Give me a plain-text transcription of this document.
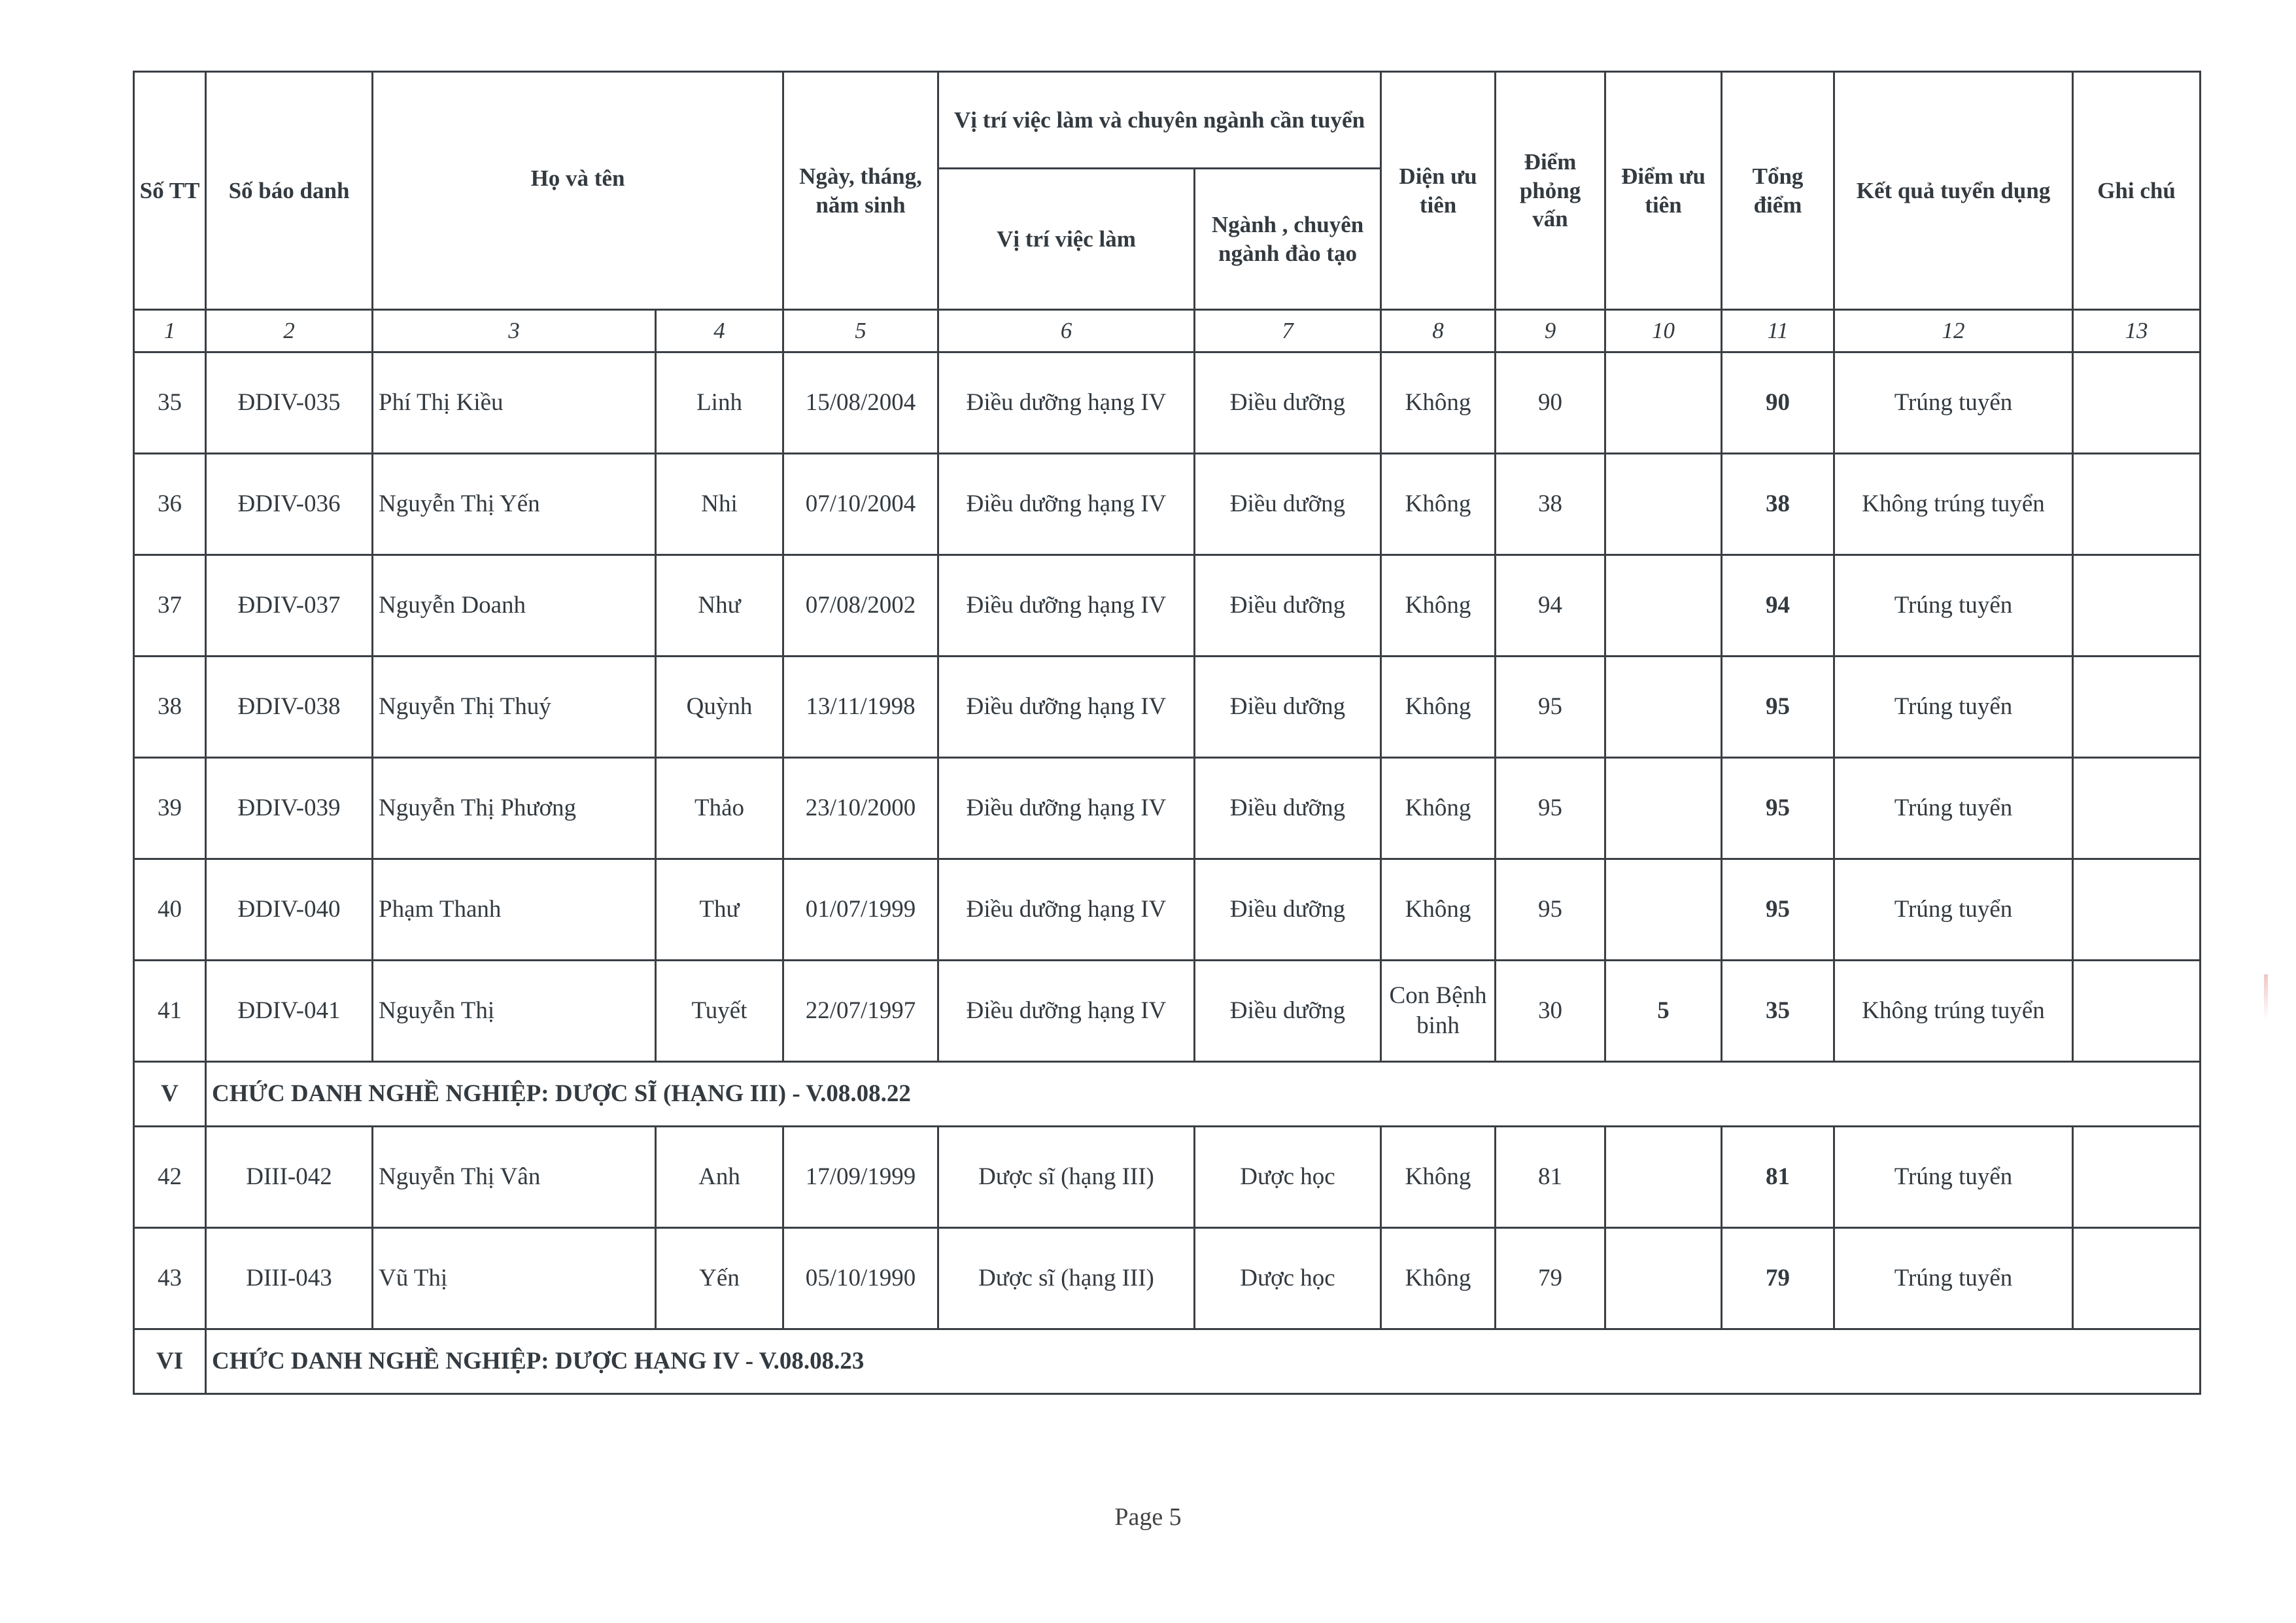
Số TT	Số báo danh	Họ và tên		Ngày, tháng, năm sinh	Vị trí việc làm và chuyên ngành cần tuyển		Diện ưu tiên	Điểm phỏng vấn	Điểm ưu tiên	Tổng điểm	Kết quả tuyển dụng	Ghi chú
					Vị trí việc làm	Ngành , chuyên ngành đào tạo						
1	2	3	4	5	6	7	8	9	10	11	12	13
35	ĐDIV-035	Phí Thị Kiều	Linh	15/08/2004	Điều dưỡng hạng IV	Điều dưỡng	Không	90		90	Trúng tuyển	
36	ĐDIV-036	Nguyễn Thị Yến	Nhi	07/10/2004	Điều dưỡng hạng IV	Điều dưỡng	Không	38		38	Không trúng tuyển	
37	ĐDIV-037	Nguyễn Doanh	Như	07/08/2002	Điều dưỡng hạng IV	Điều dưỡng	Không	94		94	Trúng tuyển	
38	ĐDIV-038	Nguyễn Thị Thuý	Quỳnh	13/11/1998	Điều dưỡng hạng IV	Điều dưỡng	Không	95		95	Trúng tuyển	
39	ĐDIV-039	Nguyễn Thị Phương	Thảo	23/10/2000	Điều dưỡng hạng IV	Điều dưỡng	Không	95		95	Trúng tuyển	
40	ĐDIV-040	Phạm Thanh	Thư	01/07/1999	Điều dưỡng hạng IV	Điều dưỡng	Không	95		95	Trúng tuyển	
41	ĐDIV-041	Nguyễn Thị	Tuyết	22/07/1997	Điều dưỡng hạng IV	Điều dưỡng	Con Bệnh binh	30	5	35	Không trúng tuyển	
V	CHỨC DANH NGHỀ NGHIỆP: DƯỢC SĨ (HẠNG III) - V.08.08.22											
42	DIII-042	Nguyễn Thị Vân	Anh	17/09/1999	Dược sĩ (hạng III)	Dược học	Không	81		81	Trúng tuyển	
43	DIII-043	Vũ Thị	Yến	05/10/1990	Dược sĩ (hạng III)	Dược học	Không	79		79	Trúng tuyển	
VI	CHỨC DANH NGHỀ NGHIỆP: DƯỢC HẠNG IV - V.08.08.23											
Page 5
